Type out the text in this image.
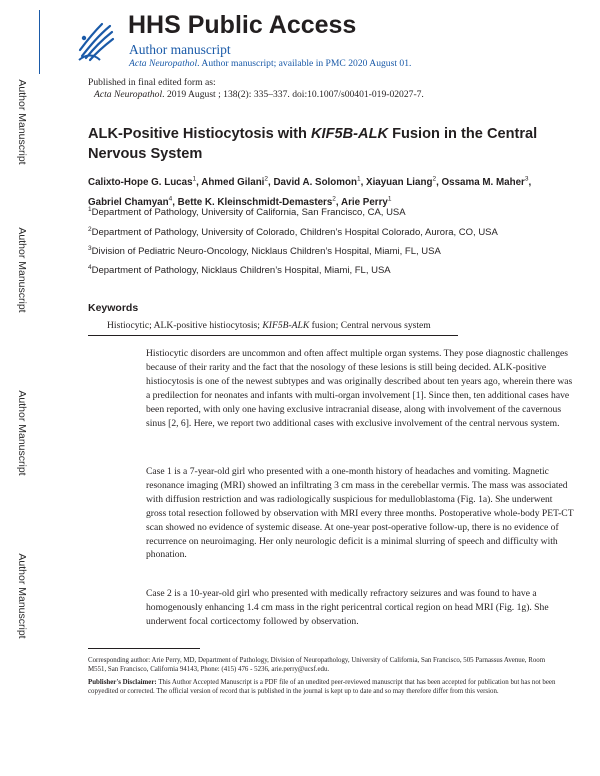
Author Manuscript
Author Manuscript
Author Manuscript
Author Manuscript
HHS Public Access
Author manuscript
Acta Neuropathol. Author manuscript; available in PMC 2020 August 01.
Published in final edited form as:
Acta Neuropathol. 2019 August ; 138(2): 335–337. doi:10.1007/s00401-019-02027-7.
ALK-Positive Histiocytosis with KIF5B-ALK Fusion in the Central Nervous System
Calixto-Hope G. Lucas$^1$, Ahmed Gilani$^2$, David A. Solomon$^1$, Xiayuan Liang$^2$, Ossama M. Maher$^3$, Gabriel Chamyan$^4$, Bette K. Kleinschmidt-Demasters$^2$, Arie Perry$^1$
$^1$Department of Pathology, University of California, San Francisco, CA, USA
$^2$Department of Pathology, University of Colorado, Children’s Hospital Colorado, Aurora, CO, USA
$^3$Division of Pediatric Neuro-Oncology, Nicklaus Children’s Hospital, Miami, FL, USA
$^4$Department of Pathology, Nicklaus Children’s Hospital, Miami, FL, USA
Keywords
Histiocytic; ALK-positive histiocytosis; KIF5B-ALK fusion; Central nervous system
Histiocytic disorders are uncommon and often affect multiple organ systems. They pose diagnostic challenges because of their rarity and the fact that the nosology of these lesions is still being decided. ALK-positive histiocytosis is one of the newest subtypes and was originally described about ten years ago, wherein there was a predilection for neonates and infants with multi-organ involvement [1]. Since then, ten additional cases have been reported, with only one having exclusive intracranial disease, along with involvement of the cavernous sinus [2, 6]. Here, we report two additional cases with exclusive involvement of the central nervous system.
Case 1 is a 7-year-old girl who presented with a one-month history of headaches and vomiting. Magnetic resonance imaging (MRI) showed an infiltrating 3 cm mass in the cerebellar vermis. The mass was associated with diffusion restriction and was radiologically suspicious for medulloblastoma (Fig. 1a). She underwent gross total resection followed by observation with MRI every three months. Postoperative whole-body PET-CT scan showed no evidence of systemic disease. At one-year post-operative follow-up, there is no evidence of recurrence on neuroimaging. Her only neurologic deficit is a minimal slurring of speech and difficulty with phonation.
Case 2 is a 10-year-old girl who presented with medically refractory seizures and was found to have a homogenously enhancing 1.4 cm mass in the right pericentral cortical region on head MRI (Fig. 1g). She underwent focal corticectomy followed by observation.
Corresponding author: Arie Perry, MD, Department of Pathology, Division of Neuropathology, University of California, San Francisco, 505 Parnassus Avenue, Room M551, San Francisco, California 94143, Phone: (415) 476 - 5236, arie.perry@ucsf.edu.
Publisher's Disclaimer: This Author Accepted Manuscript is a PDF file of an unedited peer-reviewed manuscript that has been accepted for publication but has not been copyedited or corrected. The official version of record that is published in the journal is kept up to date and so may therefore differ from this version.
